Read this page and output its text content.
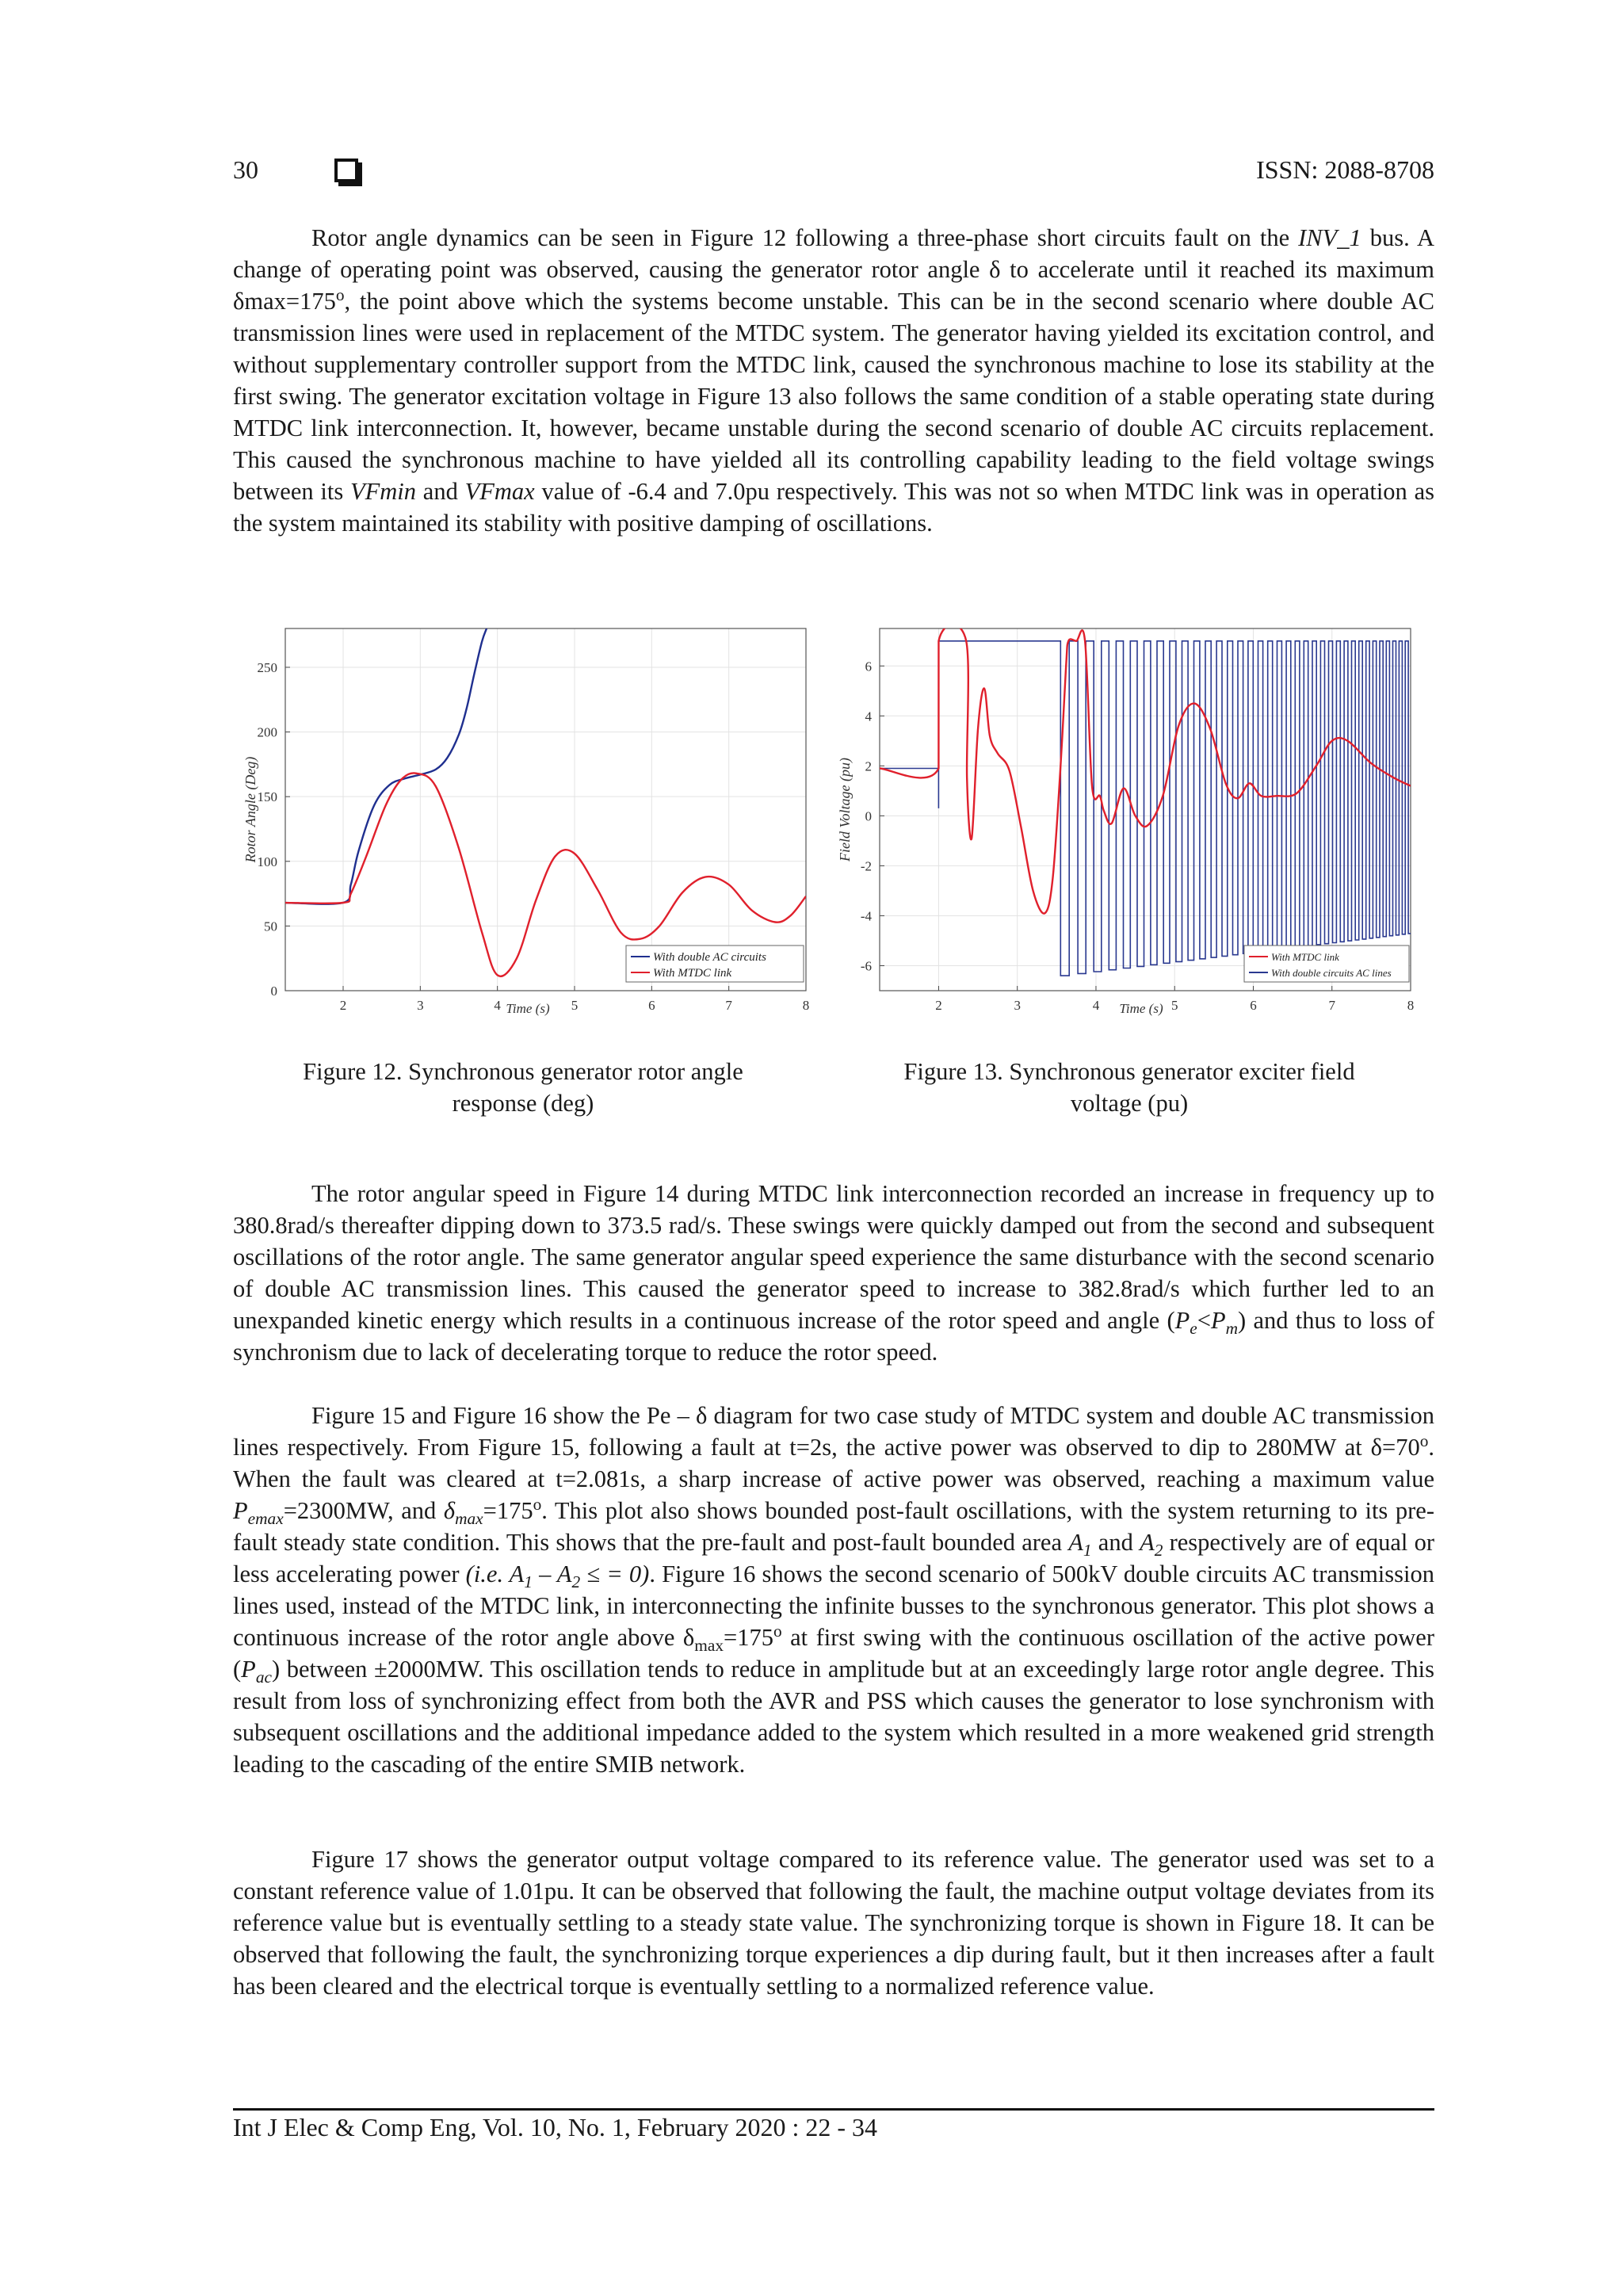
30	ISSN: 2088-8708

Rotor angle dynamics can be seen in Figure 12 following a three-phase short circuits fault on the INV_1 bus. A change of operating point was observed, causing the generator rotor angle δ to accelerate until it reached its maximum $\delta\max=175^o$, the point above which the systems become unstable. This can be in the second scenario where double AC transmission lines were used in replacement of the MTDC system. The generator having yielded its excitation control, and without supplementary controller support from the MTDC link, caused the synchronous machine to lose its stability at the first swing. The generator excitation voltage in Figure 13 also follows the same condition of a stable operating state during MTDC link interconnection. It, however, became unstable during the second scenario of double AC circuits replacement. This caused the synchronous machine to have yielded all its controlling capability leading to the field voltage swings between its VFmin and VFmax value of -6.4 and 7.0pu respectively. This was not so when MTDC link was in operation as the system maintained its stability with positive damping of oscillations.

2	3	4	5	6	7	8
0
50
100
150
200
250
Time (s)
Rotor Angle (Deg)
With double AC circuits
With MTDC link
Figure 12. Synchronous generator rotor angle response (deg)
2	3	4	5	6	7	8
-6
-4
-2
0
2
4
6
Time (s)
Field Voltage (pu)
With MTDC link
With double circuits AC lines
Figure 13. Synchronous generator exciter field voltage (pu)

The rotor angular speed in Figure 14 during MTDC link interconnection recorded an increase in frequency up to 380.8rad/s thereafter dipping down to 373.5 rad/s. These swings were quickly damped out from the second and subsequent oscillations of the rotor angle. The same generator angular speed experience the same disturbance with the second scenario of double AC transmission lines. This caused the generator speed to increase to 382.8rad/s which further led to an unexpanded kinetic energy which results in a continuous increase of the rotor speed and angle $(P_e<P_m)$ and thus to loss of synchronism due to lack of decelerating torque to reduce the rotor speed.

Figure 15 and Figure 16 show the Pe – δ diagram for two case study of MTDC system and double AC transmission lines respectively. From Figure 15, following a fault at t=2s, the active power was observed to dip to 280MW at $\delta=70^o$. When the fault was cleared at t=2.081s, a sharp increase of active power was observed, reaching a maximum value $P_{emax}=2300MW$, and $\delta_{max}=175^o$. This plot also shows bounded post-fault oscillations, with the system returning to its pre-fault steady state condition. This shows that the pre-fault and post-fault bounded area $A_1$ and $A_2$ respectively are of equal or less accelerating power (i.e. $A_1 - A_2$ ≤ = 0). Figure 16 shows the second scenario of 500kV double circuits AC transmission lines used, instead of the MTDC link, in interconnecting the infinite busses to the synchronous generator. This plot shows a continuous increase of the rotor angle above $\delta_{max}=175^o$ at first swing with the continuous oscillation of the active power $(P_{ac})$ between ±2000MW. This oscillation tends to reduce in amplitude but at an exceedingly large rotor angle degree. This result from loss of synchronizing effect from both the AVR and PSS which causes the generator to lose synchronism with subsequent oscillations and the additional impedance added to the system which resulted in a more weakened grid strength leading to the cascading of the entire SMIB network.

Figure 17 shows the generator output voltage compared to its reference value. The generator used was set to a constant reference value of 1.01pu. It can be observed that following the fault, the machine output voltage deviates from its reference value but is eventually settling to a steady state value. The synchronizing torque is shown in Figure 18. It can be observed that following the fault, the synchronizing torque experiences a dip during fault, but it then increases after a fault has been cleared and the electrical torque is eventually settling to a normalized reference value.

Int J Elec & Comp Eng, Vol. 10, No. 1, February 2020 : 22 - 34
